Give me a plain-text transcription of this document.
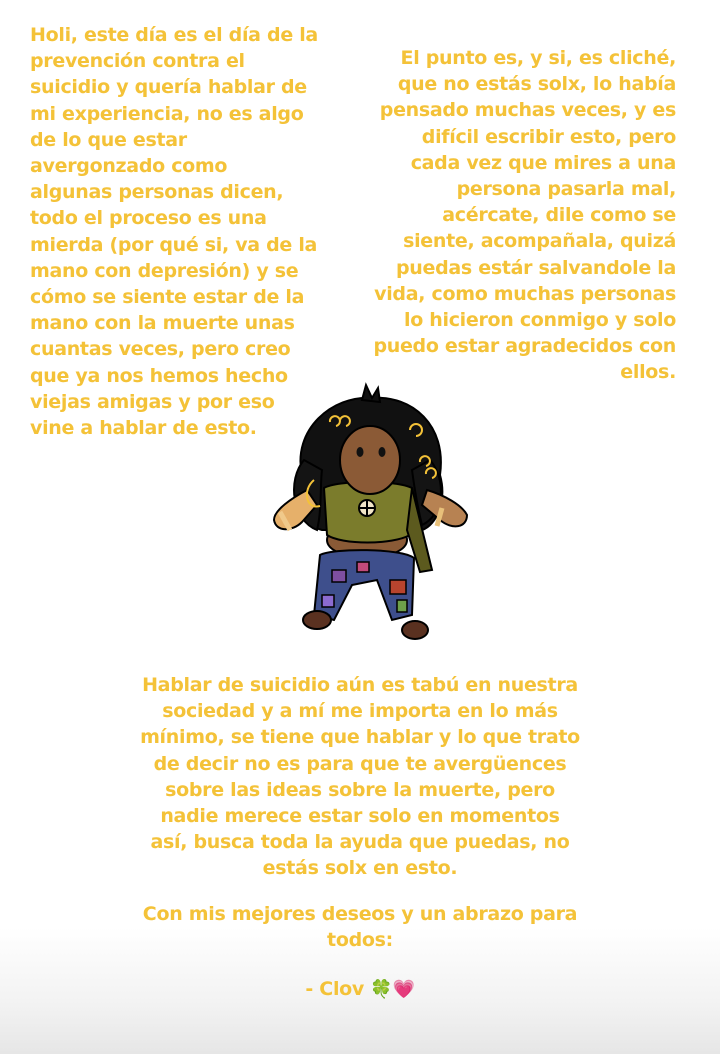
Holi, este día es el día de la
prevención contra el
suicidio y quería hablar de
mi experiencia, no es algo
de lo que estar
avergonzado como
algunas personas dicen,
todo el proceso es una
mierda (por qué si, va de la
mano con depresión) y se
cómo se siente estar de la
mano con la muerte unas
cuantas veces, pero creo
que ya nos hemos hecho
viejas amigas y por eso
vine a hablar de esto.

El punto es, y si, es cliché,
que no estás solx, lo había
pensado muchas veces, y es
difícil escribir esto, pero
cada vez que mires a una
persona pasarla mal,
acércate, dile como se
siente, acompañala, quizá
puedas estár salvandole la
vida, como muchas personas
lo hicieron conmigo y solo
puedo estar agradecidos con
ellos.

Hablar de suicidio aún es tabú en nuestra
sociedad y a mí me importa en lo más
mínimo, se tiene que hablar y lo que trato
de decir no es para que te avergüences
sobre las ideas sobre la muerte, pero
nadie merece estar solo en momentos
así, busca toda la ayuda que puedas, no
estás solx en esto.

Con mis mejores deseos y un abrazo para
todos:

- Clov 🍀💗
